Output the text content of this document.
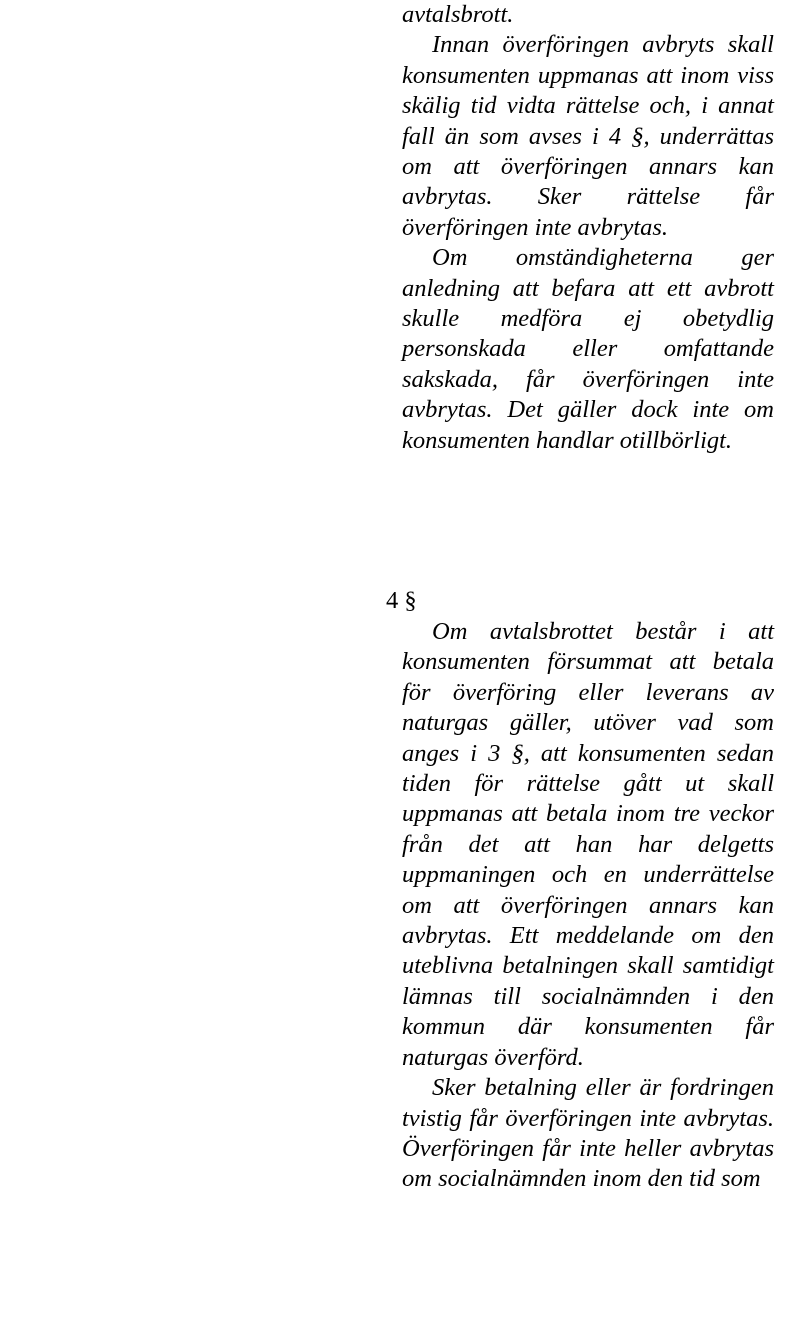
avtalsbrott.

Innan överföringen avbryts skall konsumenten uppmanas att inom viss skälig tid vidta rättelse och, i annat fall än som avses i 4 §, underrättas om att överföringen annars kan avbrytas. Sker rättelse får överföringen inte avbrytas.

Om omständigheterna ger anledning att befara att ett avbrott skulle medföra ej obetydlig personskada eller omfattande sakskada, får överföringen inte avbrytas. Det gäller dock inte om konsumenten handlar otillbörligt.

4 §

Om avtalsbrottet består i att konsumenten försummat att betala för överföring eller leverans av naturgas gäller, utöver vad som anges i 3 §, att konsumenten sedan tiden för rättelse gått ut skall uppmanas att betala inom tre veckor från det att han har delgetts uppmaningen och en underrättelse om att överföringen annars kan avbrytas. Ett meddelande om den uteblivna betalningen skall samtidigt lämnas till socialnämnden i den kommun där konsumenten får naturgas överförd.

Sker betalning eller är fordringen tvistig får överföringen inte avbrytas. Överföringen får inte heller avbrytas om socialnämnden inom den tid som
